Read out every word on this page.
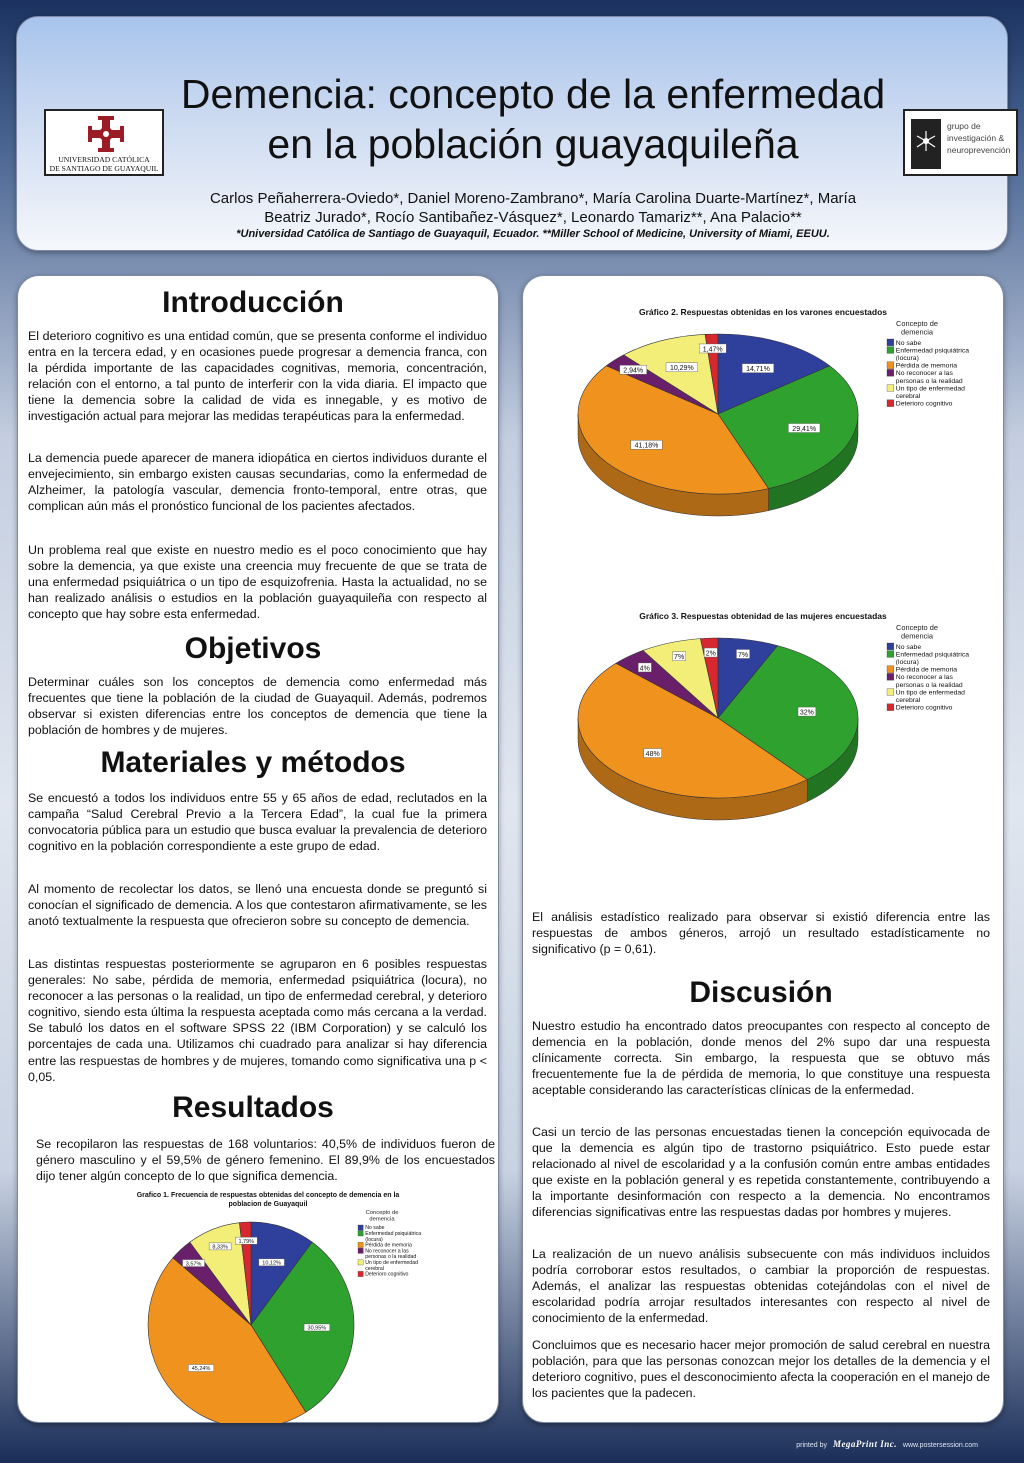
UNIVERSIDAD CATÓLICA
DE SANTIAGO DE GUAYAQUIL
Demencia: concepto de la enfermedad
en la población guayaquileña	grupo de
investigación &
neuroprevención
Carlos Peñaherrera-Oviedo*, Daniel Moreno-Zambrano*, María Carolina Duarte-Martínez*, María
Beatriz Jurado*, Rocío Santibañez-Vásquez*, Leonardo Tamariz**, Ana Palacio**
*Universidad Católica de Santiago de Guayaquil, Ecuador. **Miller School of Medicine, University of Miami, EEUU.
Introducción

El deterioro cognitivo es una entidad común, que se presenta conforme el individuo entra en la tercera edad, y en ocasiones puede progresar a demencia franca, con la pérdida importante de las capacidades cognitivas, memoria, concentración, relación con el entorno, a tal punto de interferir con la vida diaria. El impacto que tiene la demencia sobre la calidad de vida es innegable, y es motivo de investigación actual para mejorar las medidas terapéuticas para la enfermedad.

La demencia puede aparecer de manera idiopática en ciertos individuos durante el envejecimiento, sin embargo existen causas secundarias, como la enfermedad de Alzheimer, la patología vascular, demencia fronto-temporal, entre otras, que complican aún más el pronóstico funcional de los pacientes afectados.

Un problema real que existe en nuestro medio es el poco conocimiento que hay sobre la demencia, ya que existe una creencia muy frecuente de que se trata de una enfermedad psiquiátrica o un tipo de esquizofrenia. Hasta la actualidad, no se han realizado análisis o estudios en la población guayaquileña con respecto al concepto que hay sobre esta enfermedad.

Objetivos

Determinar cuáles son los conceptos de demencia como enfermedad más frecuentes que tiene la población de la ciudad de Guayaquil. Además, podremos observar si existen diferencias entre los conceptos de demencia que tiene la población de hombres y de mujeres.

Materiales y métodos

Se encuestó a todos los individuos entre 55 y 65 años de edad, reclutados en la campaña “Salud Cerebral Previo a la Tercera Edad”, la cual fue la primera convocatoria pública para un estudio que busca evaluar la prevalencia de deterioro cognitivo en la población correspondiente a este grupo de edad.

Al momento de recolectar los datos, se llenó una encuesta donde se preguntó si conocían el significado de demencia. A los que contestaron afirmativamente, se les anotó textualmente la respuesta que ofrecieron sobre su concepto de demencia.

Las distintas respuestas posteriormente se agruparon en 6 posibles respuestas generales: No sabe, pérdida de memoria, enfermedad psiquiátrica (locura), no reconocer a las personas o la realidad, un tipo de enfermedad cerebral, y deterioro cognitivo, siendo esta última la respuesta aceptada como más cercana a la verdad. Se tabuló los datos en el software SPSS 22 (IBM Corporation) y se calculó los porcentajes de cada una. Utilizamos chi cuadrado para analizar si hay diferencia entre las respuestas de hombres y de mujeres, tomando como significativa una p < 0,05.

Resultados

Se recopilaron las respuestas de 168 voluntarios: 40,5% de individuos fueron de género masculino y el 59,5% de género femenino. El 89,9% de los encuestados dijo tener algún concepto de lo que significa demencia.

Grafico 1. Frecuencia de respuestas obtenidas del concepto de demencia en la
poblacion de Guayaquil
10,12%
30,95%
45,24%
3,57%
8,33%
1,79%
Concepto de
demencia
No sabe
Enfermedad psiquiátrica
(locura)
Pérdida de memoria
No reconocer a las
personas o la realidad
Un tipo de enfermedad
cerebral
Deterioro cognitivo
Gráfico 2. Respuestas obtenidas en los varones encuestados
14,71%
29,41%
41,18%
2,94%	10,29%
1,47%
Concepto de
demencia
No sabe
Enfermedad psiquiátrica
(locura)
Pérdida de memoria
No reconocer a las
personas o la realidad
Un tipo de enfermedad
cerebral
Deterioro cognitivo
Gráfico 3. Respuestas obtenidad de las mujeres encuestadas
7%
32%
48%
4%
7%
2%
Concepto de
demencia
No sabe
Enfermedad psiquiátrica
(locura)
Pérdida de memoria
No reconocer a las
personas o la realidad
Un tipo de enfermedad
cerebral
Deterioro cognitivo

El análisis estadístico realizado para observar si existió diferencia entre las respuestas de ambos géneros, arrojó un resultado estadísticamente no significativo (p = 0,61).

Discusión

Nuestro estudio ha encontrado datos preocupantes con respecto al concepto de demencia en la población, donde menos del 2% supo dar una respuesta clínicamente correcta. Sin embargo, la respuesta que se obtuvo más frecuentemente fue la de pérdida de memoria, lo que constituye una respuesta aceptable considerando las características clínicas de la enfermedad.

Casi un tercio de las personas encuestadas tienen la concepción equivocada de que la demencia es algún tipo de trastorno psiquiátrico. Esto puede estar relacionado al nivel de escolaridad y a la confusión común entre ambas entidades que existe en la población general y es repetida constantemente, contribuyendo a la importante desinformación con respecto a la demencia. No encontramos diferencias significativas entre las respuestas dadas por hombres y mujeres.

La realización de un nuevo análisis subsecuente con más individuos incluidos podría corroborar estos resultados, o cambiar la proporción de respuestas. Además, el analizar las respuestas obtenidas cotejándolas con el nivel de escolaridad podría arrojar resultados interesantes con respecto al nivel de conocimiento de la enfermedad.

Concluimos que es necesario hacer mejor promoción de salud cerebral en nuestra población, para que las personas conozcan mejor los detalles de la demencia y el deterioro cognitivo, pues el desconocimiento afecta la cooperación en el manejo de los pacientes que la padecen.

printed by MegaPrint Inc. www.postersession.com
